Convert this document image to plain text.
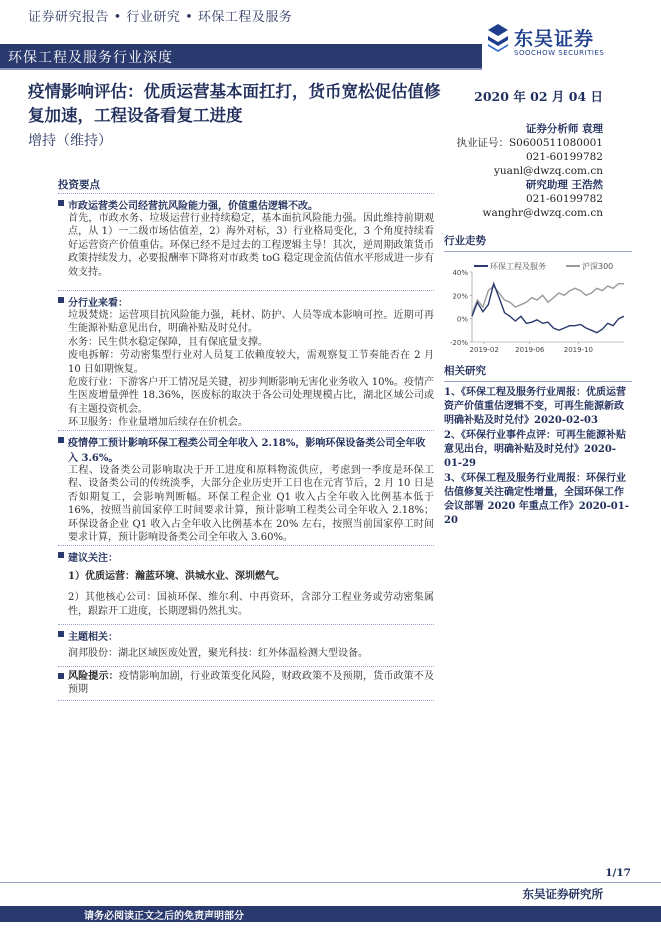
证券研究报告 • 行业研究 • 环保工程及服务
东吴证券
SOOCHOW SECURITIES
环保工程及服务行业深度
疫情影响评估：优质运营基本面扛打，货币宽松促估值修复加速，工程设备看复工进度
增持（维持）
2020 年 02 月 04 日
证券分析师 袁理
执业证号：S0600511080001
021-60199782
yuanl@dwzq.com.cn
研究助理 王浩然
021-60199782
wanghr@dwzq.com.cn
投资要点
市政运营类公司经营抗风险能力强，价值重估逻辑不改。
首先，市政水务、垃圾运营行业持续稳定，基本面抗风险能力强。因此维持前期观点，从 1）一二级市场估值差，2）海外对标，3）行业格局变化，3 个角度持续看好运营资产价值重估。环保已经不是过去的工程逻辑主导！其次，逆周期政策货币政策持续发力，必要报酬率下降将对市政类 toG 稳定现金流估值水平形成进一步有效支持。
分行业来看：
垃圾焚烧：运营项目抗风险能力强，耗材、防护、人员等成本影响可控。近期可再生能源补贴意见出台，明确补贴及时兑付。
水务：民生供水稳定保障，且有保底量支撑。
废电拆解：劳动密集型行业对人员复工依赖度较大，需观察复工节奏能否在 2 月 10 日如期恢复。
危废行业：下游客户开工情况是关键，初步判断影响无害化业务收入 10%。疫情产生医废增量弹性 18.36%，医废标的取决于各公司处理规模占比，湖北区域公司或有主题投资机会。
环卫服务：作业量增加后续存在价机会。
疫情停工预计影响环保工程类公司全年收入 2.18%，影响环保设备类公司全年收入 3.6%。
工程、设备类公司影响取决于开工进度和原料物流供应，考虑到一季度是环保工程、设备类公司的传统淡季，大部分企业历史开工日也在元宵节后，2 月 10 日是否如期复工，会影响判断幅。环保工程企业 Q1 收入占全年收入比例基本低于 16%，按照当前国家停工时间要求计算，预计影响工程类公司全年收入 2.18%；环保设备企业 Q1 收入占全年收入比例基本在 20% 左右，按照当前国家停工时间要求计算，预计影响设备类公司全年收入 3.60%。
建议关注：
1）优质运营：瀚蓝环境、洪城水业、深圳燃气。
2）其他核心公司：国祯环保、维尔利、中再资环，含部分工程业务或劳动密集属性，跟踪开工进度，长期逻辑仍然扎实。
主题相关：
润邦股份：湖北区域医废处置，聚光科技：红外体温检测大型设备。
风险提示：疫情影响加剧，行业政策变化风险，财政政策不及预期，货币政策不及预期
行业走势
环保工程及服务	沪深300
40%
20%
0%
-20%
2019-02 2019-06	2019-10
相关研究
1、《环保工程及服务行业周报：优质运营资产价值重估逻辑不变，可再生能源新政明确补贴及时兑付》2020-02-03
2、《环保行业事件点评：可再生能源补贴意见出台，明确补贴及时兑付》2020-01-29
3、《环保工程及服务行业周报：环保行业估值修复关注确定性增量，全国环保工作会议部署 2020 年重点工作》2020-01-20
1/17
东吴证券研究所
请务必阅读正文之后的免责声明部分
